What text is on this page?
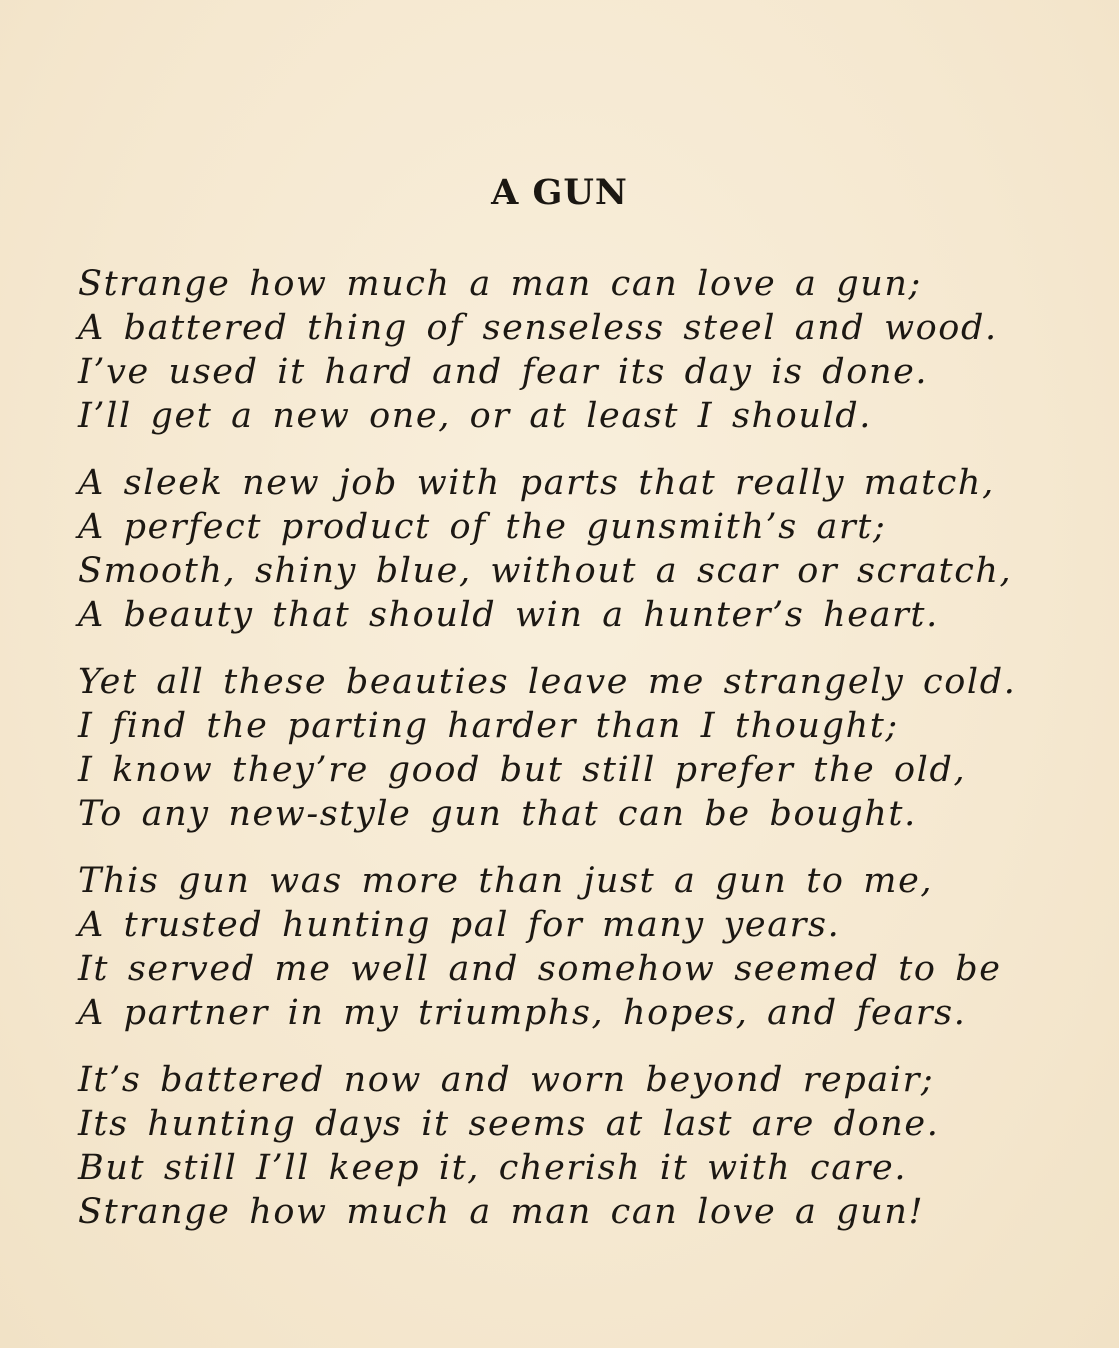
A GUN
Strange how much a man can love a gun;
A battered thing of senseless steel and wood.
I’ve used it hard and fear its day is done.
I’ll get a new one, or at least I should.
A sleek new job with parts that really match,
A perfect product of the gunsmith’s art;
Smooth, shiny blue, without a scar or scratch,
A beauty that should win a hunter’s heart.
Yet all these beauties leave me strangely cold.
I find the parting harder than I thought;
I know they’re good but still prefer the old,
To any new-style gun that can be bought.
This gun was more than just a gun to me,
A trusted hunting pal for many years.
It served me well and somehow seemed to be
A partner in my triumphs, hopes, and fears.
It’s battered now and worn beyond repair;
Its hunting days it seems at last are done.
But still I’ll keep it, cherish it with care.
Strange how much a man can love a gun!
